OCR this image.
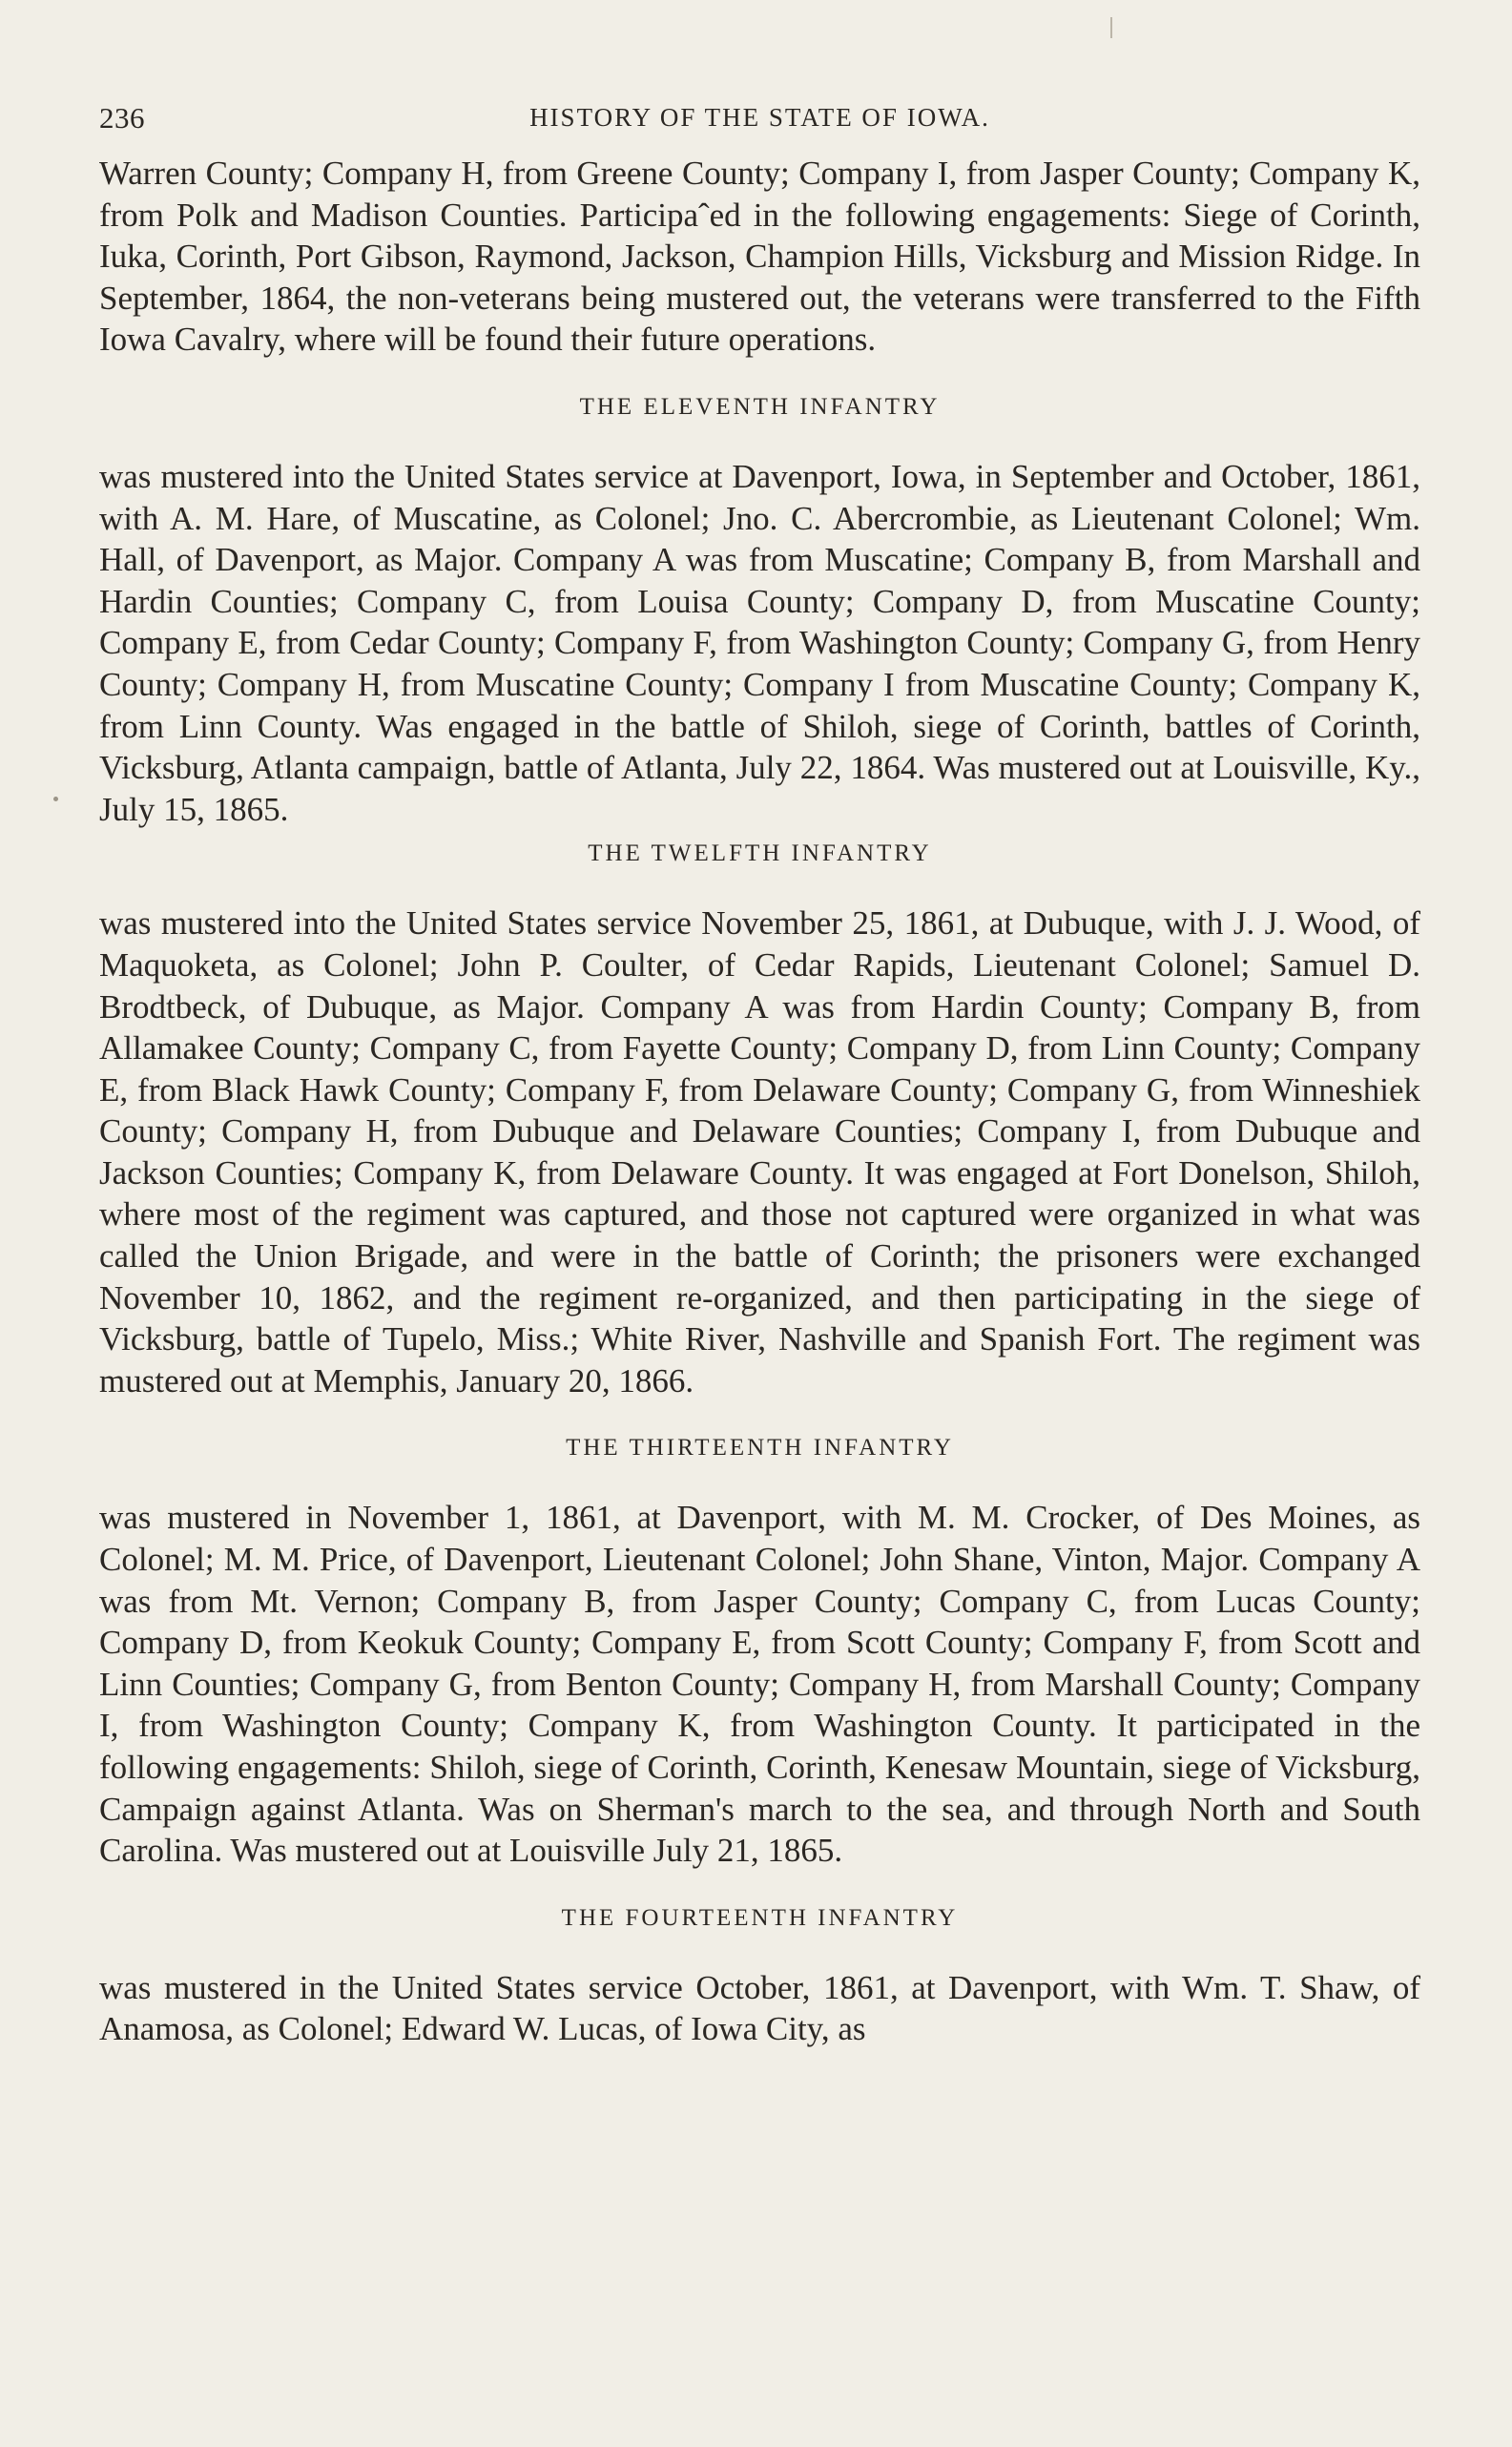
236	HISTORY OF THE STATE OF IOWA.

Warren County; Company H, from Greene County; Company I, from Jasper County; Company K, from Polk and Madison Counties. Participaˆed in the following engagements: Siege of Corinth, Iuka, Corinth, Port Gibson, Raymond, Jackson, Champion Hills, Vicksburg and Mission Ridge. In September, 1864, the non-veterans being mustered out, the veterans were transferred to the Fifth Iowa Cavalry, where will be found their future operations.

THE ELEVENTH INFANTRY

was mustered into the United States service at Davenport, Iowa, in September and October, 1861, with A. M. Hare, of Muscatine, as Colonel; Jno. C. Abercrombie, as Lieutenant Colonel; Wm. Hall, of Davenport, as Major. Company A was from Muscatine; Company B, from Marshall and Hardin Counties; Company C, from Louisa County; Company D, from Muscatine County; Company E, from Cedar County; Company F, from Washington County; Company G, from Henry County; Company H, from Muscatine County; Company I from Muscatine County; Company K, from Linn County. Was engaged in the battle of Shiloh, siege of Corinth, battles of Corinth, Vicksburg, Atlanta campaign, battle of Atlanta, July 22, 1864. Was mustered out at Louisville, Ky., July 15, 1865.

THE TWELFTH INFANTRY

was mustered into the United States service November 25, 1861, at Dubuque, with J. J. Wood, of Maquoketa, as Colonel; John P. Coulter, of Cedar Rapids, Lieutenant Colonel; Samuel D. Brodtbeck, of Dubuque, as Major. Company A was from Hardin County; Company B, from Allamakee County; Company C, from Fayette County; Company D, from Linn County; Company E, from Black Hawk County; Company F, from Delaware County; Company G, from Winneshiek County; Company H, from Dubuque and Delaware Counties; Company I, from Dubuque and Jackson Counties; Company K, from Delaware County. It was engaged at Fort Donelson, Shiloh, where most of the regiment was captured, and those not captured were organized in what was called the Union Brigade, and were in the battle of Corinth; the prisoners were exchanged November 10, 1862, and the regiment re-organized, and then participating in the siege of Vicksburg, battle of Tupelo, Miss.; White River, Nashville and Spanish Fort. The regiment was mustered out at Memphis, January 20, 1866.

THE THIRTEENTH INFANTRY

was mustered in November 1, 1861, at Davenport, with M. M. Crocker, of Des Moines, as Colonel; M. M. Price, of Davenport, Lieutenant Colonel; John Shane, Vinton, Major. Company A was from Mt. Vernon; Company B, from Jasper County; Company C, from Lucas County; Company D, from Keokuk County; Company E, from Scott County; Company F, from Scott and Linn Counties; Company G, from Benton County; Company H, from Marshall County; Company I, from Washington County; Company K, from Washington County. It participated in the following engagements: Shiloh, siege of Corinth, Corinth, Kenesaw Mountain, siege of Vicksburg, Campaign against Atlanta. Was on Sherman's march to the sea, and through North and South Carolina. Was mustered out at Louisville July 21, 1865.

THE FOURTEENTH INFANTRY

was mustered in the United States service October, 1861, at Davenport, with Wm. T. Shaw, of Anamosa, as Colonel; Edward W. Lucas, of Iowa City, as
